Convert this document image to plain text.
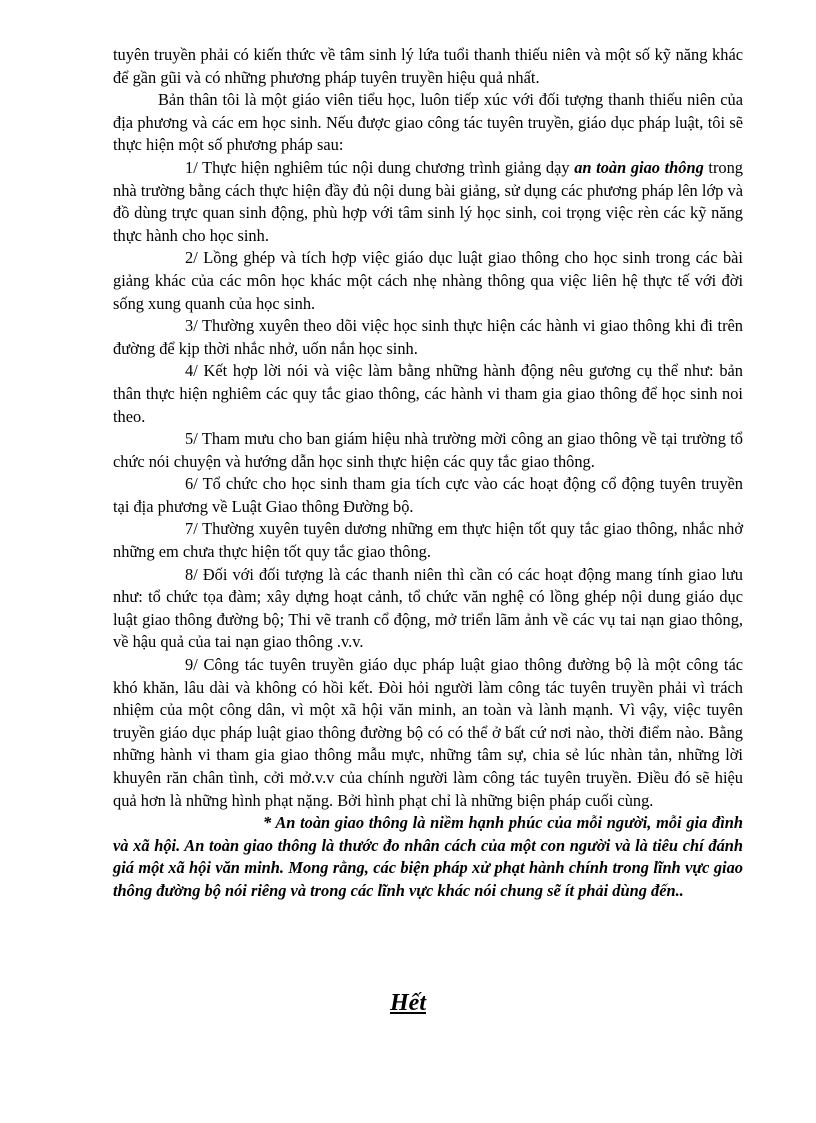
tuyên truyền phải có kiến thức về tâm sinh lý lứa tuổi thanh thiếu niên và một số kỹ năng khác để gần gũi và có những phương pháp tuyên truyền hiệu quả nhất.

Bản thân tôi là một giáo viên tiểu học, luôn tiếp xúc với đối tượng thanh thiếu niên của địa phương và các em học sinh. Nếu được giao công tác tuyên truyền, giáo dục pháp luật, tôi sẽ thực hiện một số phương pháp sau:

1/ Thực hiện nghiêm túc nội dung chương trình giảng dạy an toàn giao thông trong nhà trường bằng cách thực hiện đầy đủ nội dung bài giảng, sử dụng các phương pháp lên lớp và đồ dùng trực quan sinh động, phù hợp với tâm sinh lý học sinh, coi trọng việc rèn các kỹ năng thực hành cho học sinh.

2/ Lồng ghép và tích hợp việc giáo dục luật giao thông cho học sinh trong các bài giảng khác của các môn học khác một cách nhẹ nhàng thông qua việc liên hệ thực tế với đời sống xung quanh của học sinh.

3/ Thường xuyên theo dõi việc học sinh thực hiện các hành vi giao thông khi đi trên đường để kịp thời nhắc nhở, uốn nắn học sinh.

4/ Kết hợp lời nói và việc làm bằng những hành động nêu gương cụ thể như: bản thân thực hiện nghiêm các quy tắc giao thông, các hành vi tham gia giao thông để học sinh noi theo.

5/ Tham mưu cho ban giám hiệu nhà trường mời công an giao thông về tại trường tổ chức nói chuyện và hướng dẫn học sinh thực hiện các quy tắc giao thông.

6/ Tổ chức cho học sinh tham gia tích cực vào các hoạt động cổ động tuyên truyền tại địa phương về Luật Giao thông Đường bộ.

7/ Thường xuyên tuyên dương những em thực hiện tốt quy tắc giao thông, nhắc nhở những em chưa thực hiện tốt quy tắc giao thông.

8/ Đối với đối tượng là các thanh niên thì cần có các hoạt động mang tính giao lưu như: tổ chức tọa đàm; xây dựng hoạt cảnh, tổ chức văn nghệ có lồng ghép nội dung giáo dục luật giao thông đường bộ; Thi vẽ tranh cổ động, mở triển lãm ảnh về các vụ tai nạn giao thông, về hậu quả của tai nạn giao thông .v.v.

9/ Công tác tuyên truyền giáo dục pháp luật giao thông đường bộ là một công tác khó khăn, lâu dài và không có hồi kết. Đòi hỏi người làm công tác tuyên truyền phải vì trách nhiệm của một công dân, vì một xã hội văn minh, an toàn và lành mạnh. Vì vậy, việc tuyên truyền giáo dục pháp luật giao thông đường bộ có có thể ở bất cứ nơi nào, thời điểm nào. Bằng những hành vi tham gia giao thông mẫu mực, những tâm sự, chia sẻ lúc nhàn tản, những lời khuyên răn chân tình, cởi mở.v.v của chính người làm công tác tuyên truyền. Điều đó sẽ hiệu quả hơn là những hình phạt nặng. Bởi hình phạt chỉ là những biện pháp cuối cùng.

* An toàn giao thông là niềm hạnh phúc của mỗi người, mỗi gia đình và xã hội. An toàn giao thông là thước đo nhân cách của một con người và là tiêu chí đánh giá một xã hội văn minh. Mong rằng, các biện pháp xử phạt hành chính trong lĩnh vực giao thông đường bộ nói riêng và trong các lĩnh vực khác nói chung sẽ ít phải dùng đến..

Hết
